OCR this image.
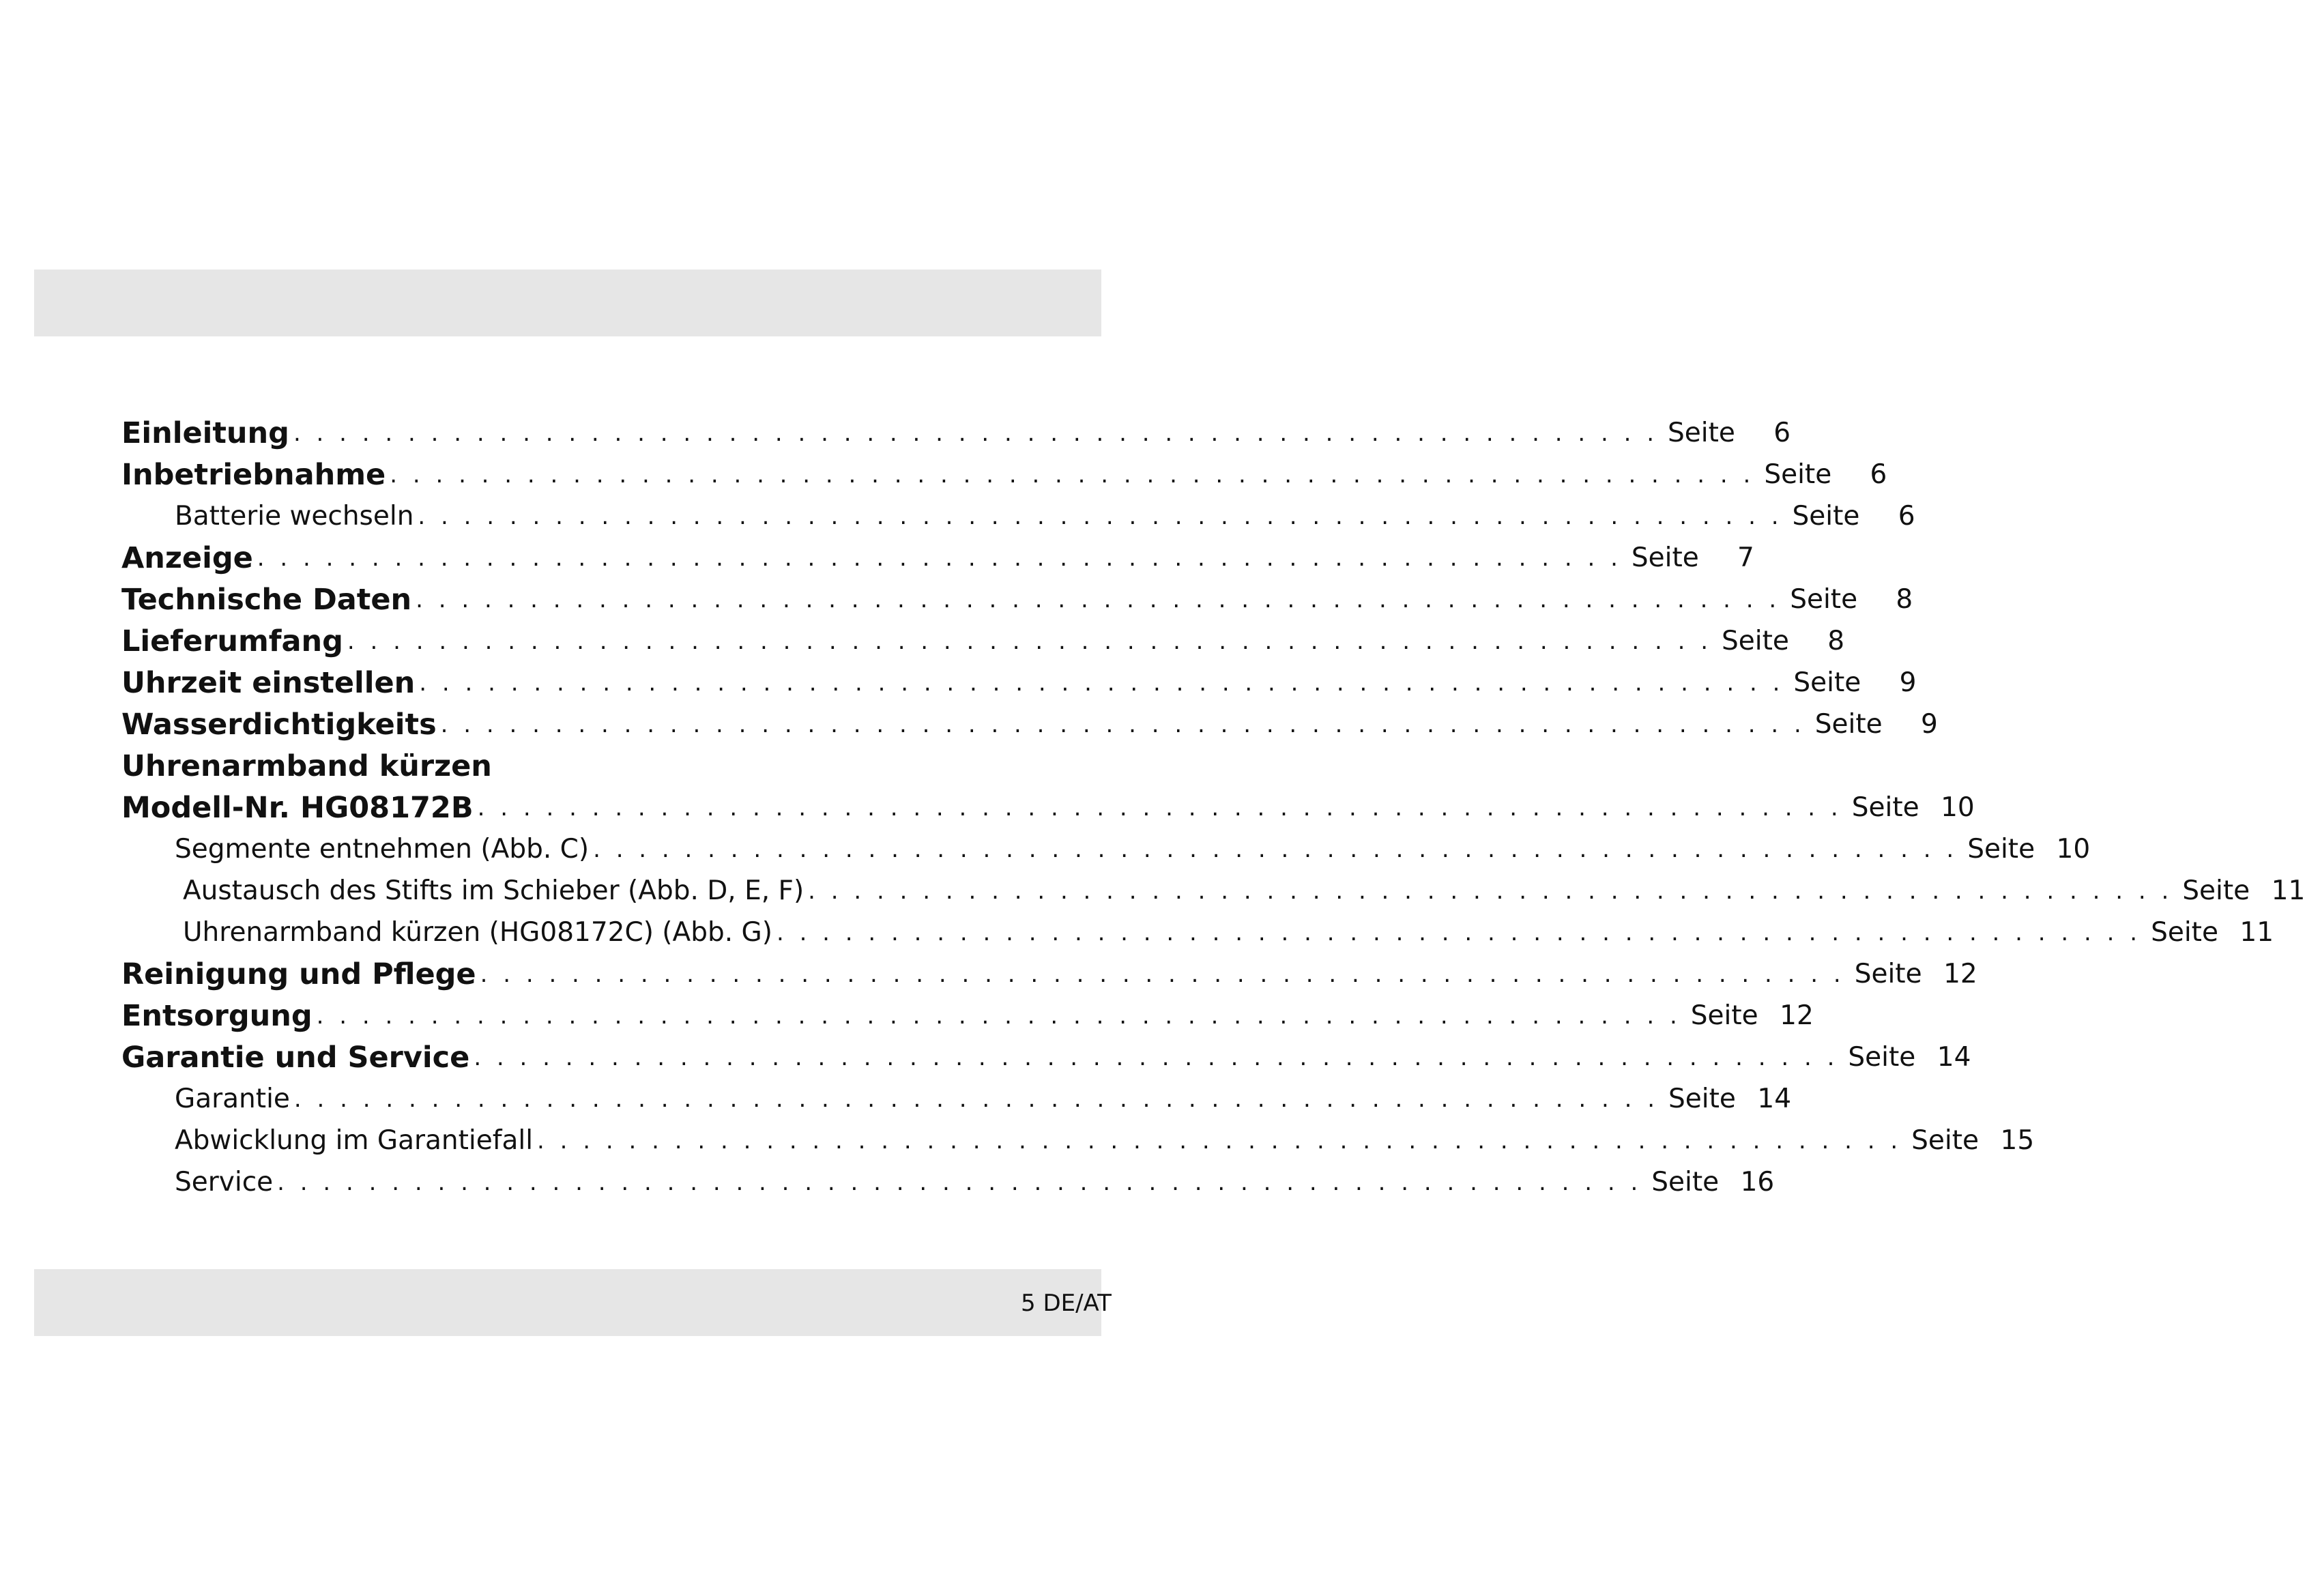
Einleitung . . . . . . . . . . . . . . . . . . . . . . . . . . . . . . . . . . . . . . . . . . . . . . . . . . . . . . . . . . . . Seite	6
Inbetriebnahme . . . . . . . . . . . . . . . . . . . . . . . . . . . . . . . . . . . . . . . . . . . . . . . . . . . . . . . . . . . . Seite	6
Batterie wechseln . . . . . . . . . . . . . . . . . . . . . . . . . . . . . . . . . . . . . . . . . . . . . . . . . . . . . . . . . . . . Seite	6
Anzeige . . . . . . . . . . . . . . . . . . . . . . . . . . . . . . . . . . . . . . . . . . . . . . . . . . . . . . . . . . . . Seite	7
Technische Daten . . . . . . . . . . . . . . . . . . . . . . . . . . . . . . . . . . . . . . . . . . . . . . . . . . . . . . . . . . . . Seite	8
Lieferumfang . . . . . . . . . . . . . . . . . . . . . . . . . . . . . . . . . . . . . . . . . . . . . . . . . . . . . . . . . . . . Seite	8
Uhrzeit einstellen . . . . . . . . . . . . . . . . . . . . . . . . . . . . . . . . . . . . . . . . . . . . . . . . . . . . . . . . . . . . Seite	9
Wasserdichtigkeits . . . . . . . . . . . . . . . . . . . . . . . . . . . . . . . . . . . . . . . . . . . . . . . . . . . . . . . . . . . . Seite	9
Uhrenarmband kürzen
Modell-Nr. HG08172B . . . . . . . . . . . . . . . . . . . . . . . . . . . . . . . . . . . . . . . . . . . . . . . . . . . . . . . . . . . . Seite 10
Segmente entnehmen (Abb. C) . . . . . . . . . . . . . . . . . . . . . . . . . . . . . . . . . . . . . . . . . . . . . . . . . . . . . . . . . . . . Seite 10
Austausch des Stifts im Schieber (Abb. D, E, F) . . . . . . . . . . . . . . . . . . . . . . . . . . . . . . . . . . . . . . . . . . . . . . . . . . . . . . . . . . . . Seite 11
Uhrenarmband kürzen (HG08172C) (Abb. G) . . . . . . . . . . . . . . . . . . . . . . . . . . . . . . . . . . . . . . . . . . . . . . . . . . . . . . . . . . . . Seite 11
Reinigung und Pflege . . . . . . . . . . . . . . . . . . . . . . . . . . . . . . . . . . . . . . . . . . . . . . . . . . . . . . . . . . . . Seite 12
Entsorgung . . . . . . . . . . . . . . . . . . . . . . . . . . . . . . . . . . . . . . . . . . . . . . . . . . . . . . . . . . . . Seite 12
Garantie und Service . . . . . . . . . . . . . . . . . . . . . . . . . . . . . . . . . . . . . . . . . . . . . . . . . . . . . . . . . . . . Seite 14
Garantie . . . . . . . . . . . . . . . . . . . . . . . . . . . . . . . . . . . . . . . . . . . . . . . . . . . . . . . . . . . . Seite 14
Abwicklung im Garantiefall . . . . . . . . . . . . . . . . . . . . . . . . . . . . . . . . . . . . . . . . . . . . . . . . . . . . . . . . . . . . Seite 15
Service . . . . . . . . . . . . . . . . . . . . . . . . . . . . . . . . . . . . . . . . . . . . . . . . . . . . . . . . . . . . Seite 16
5 DE/AT
